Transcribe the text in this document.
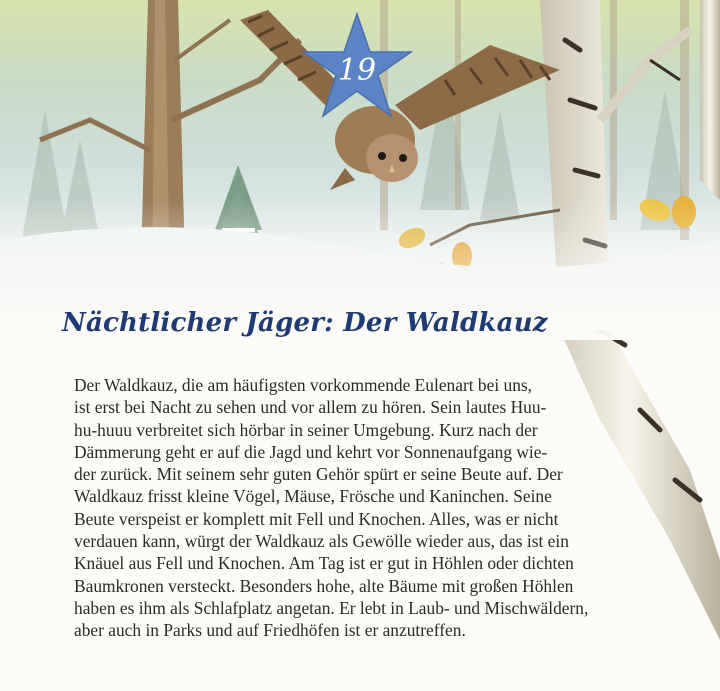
19
Nächtlicher Jäger: Der Waldkauz
Der Waldkauz, die am häufigsten vorkommende Eulenart bei uns,
ist erst bei Nacht zu sehen und vor allem zu hören. Sein lautes Huu-
hu-huuu verbreitet sich hörbar in seiner Umgebung. Kurz nach der
Dämmerung geht er auf die Jagd und kehrt vor Sonnenaufgang wie-
der zurück. Mit seinem sehr guten Gehör spürt er seine Beute auf. Der
Waldkauz frisst kleine Vögel, Mäuse, Frösche und Kaninchen. Seine
Beute verspeist er komplett mit Fell und Knochen. Alles, was er nicht
verdauen kann, würgt der Waldkauz als Gewölle wieder aus, das ist ein
Knäuel aus Fell und Knochen. Am Tag ist er gut in Höhlen oder dichten
Baumkronen versteckt. Besonders hohe, alte Bäume mit großen Höhlen
haben es ihm als Schlafplatz angetan. Er lebt in Laub- und Mischwäldern,
aber auch in Parks und auf Friedhöfen ist er anzutreffen.
